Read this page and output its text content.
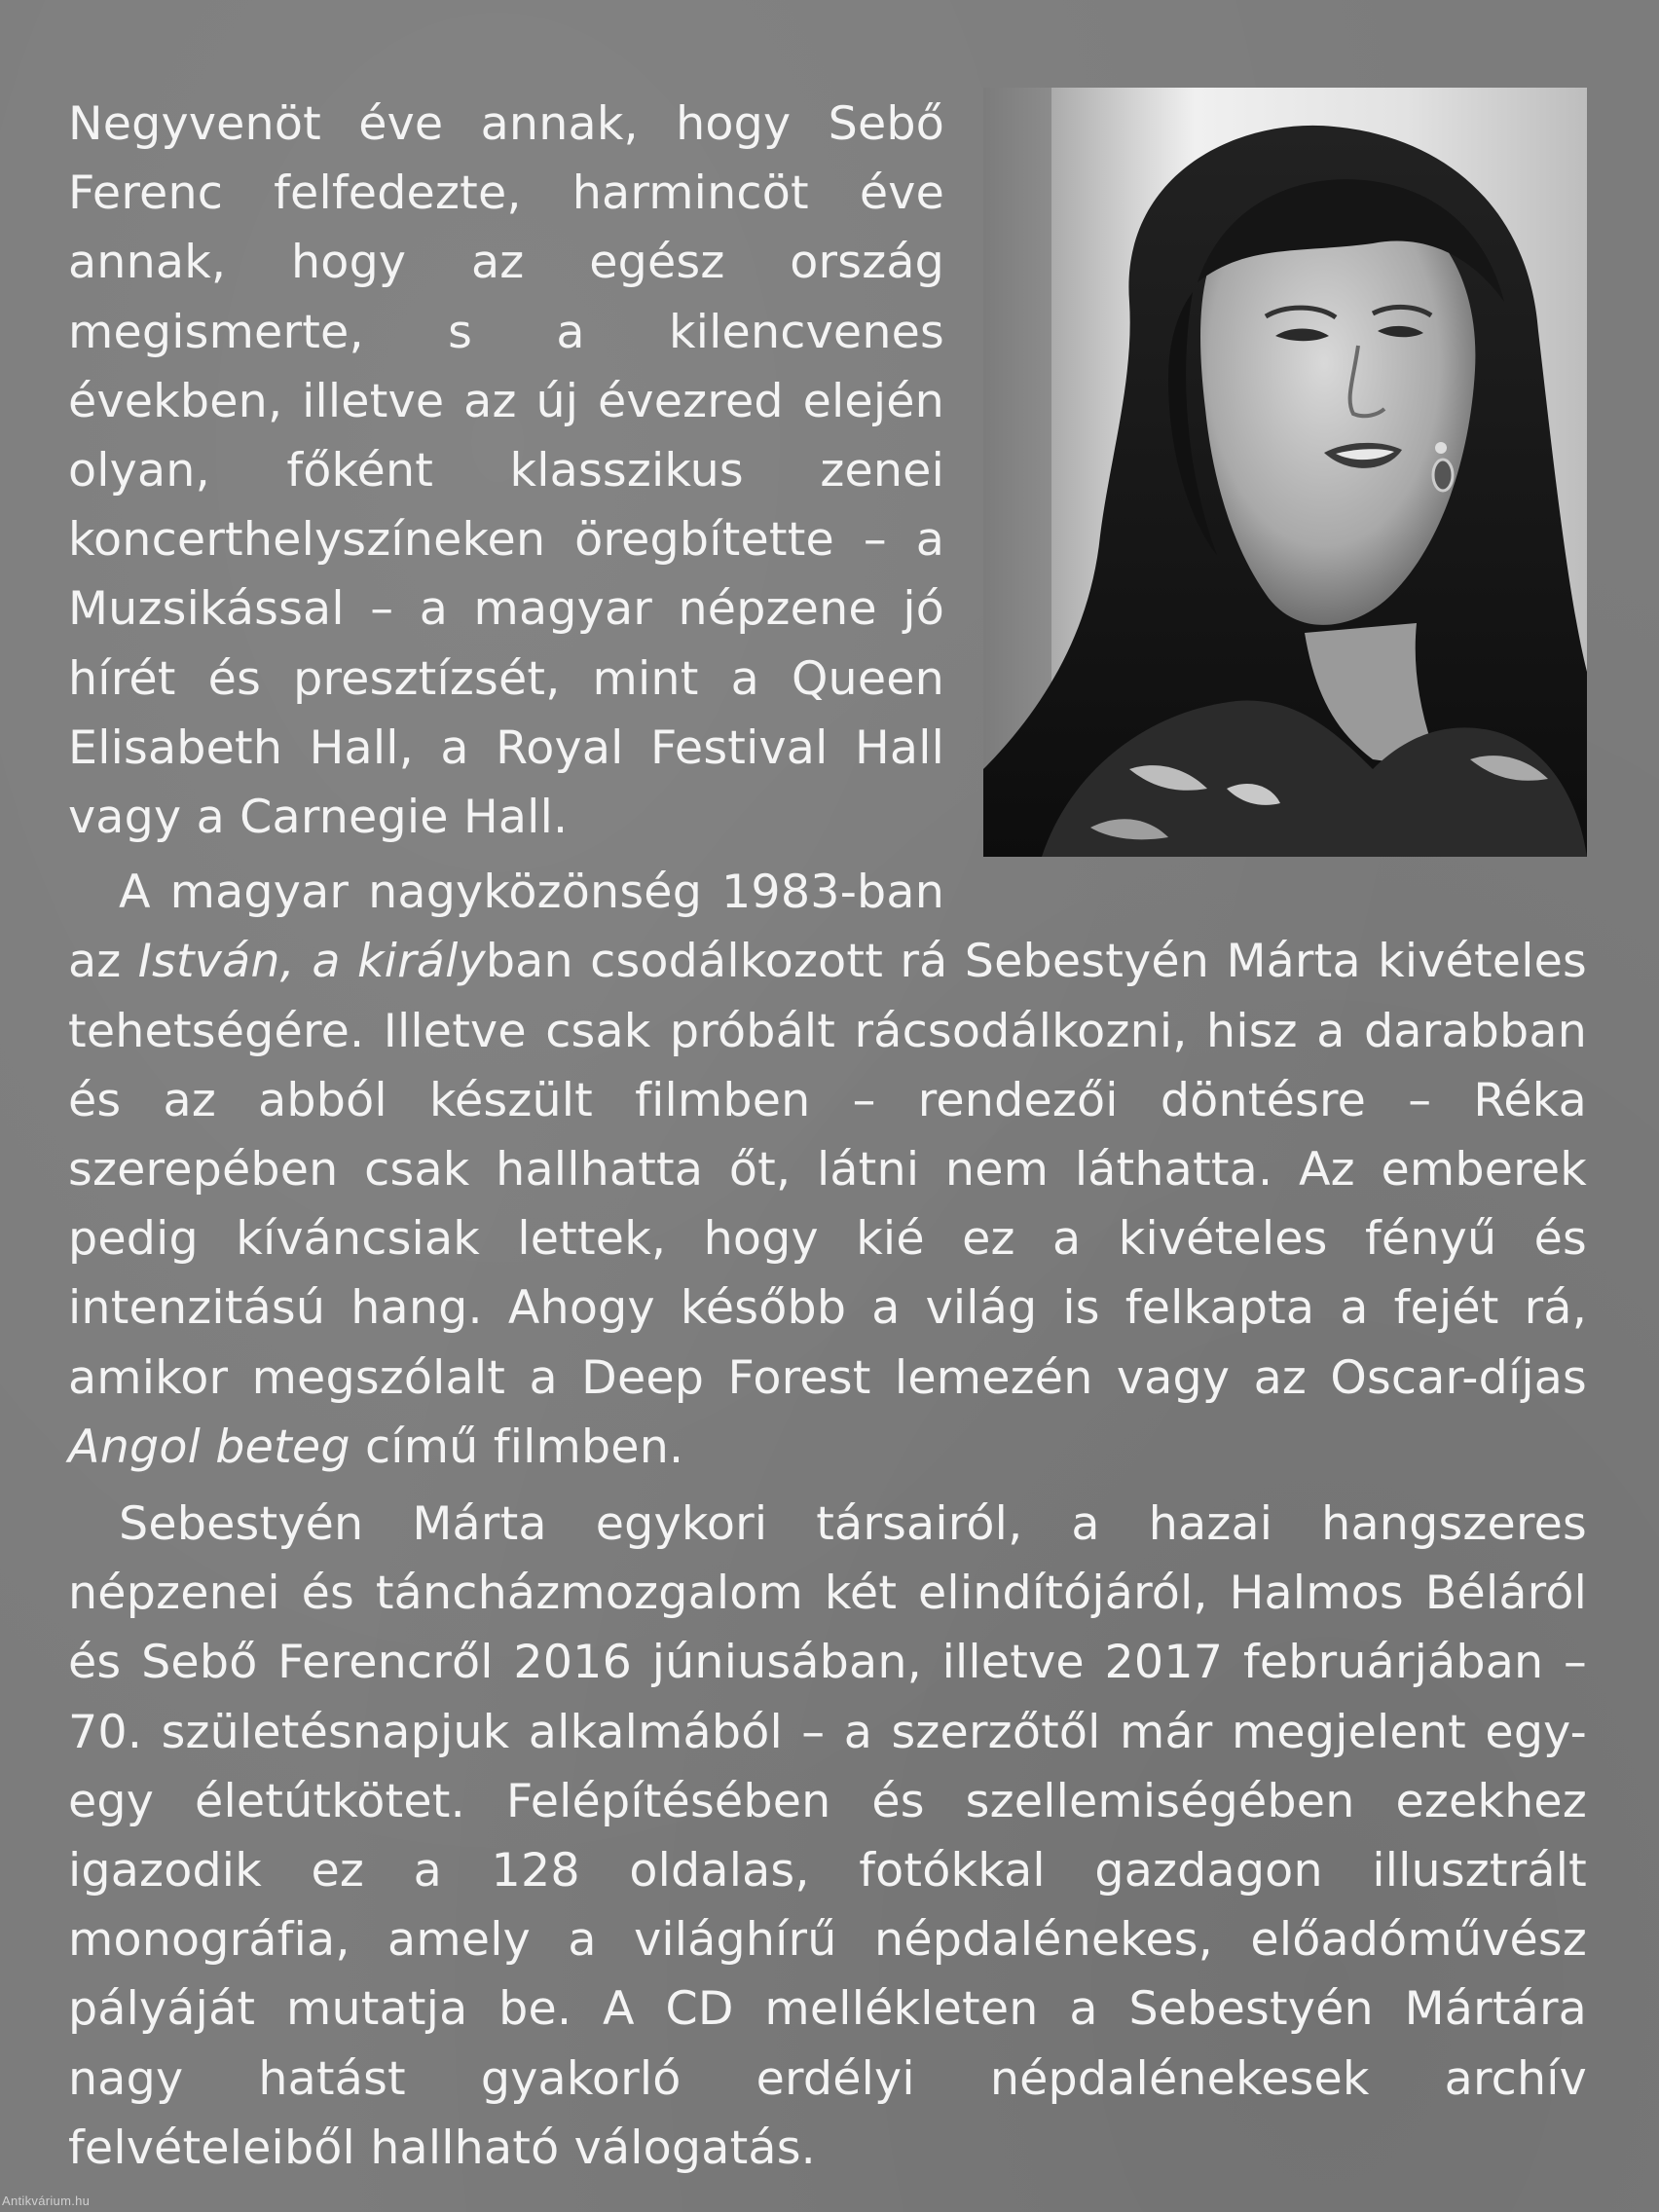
Negyvenöt éve annak, hogy Sebő Ferenc felfedezte, harmincöt éve annak, hogy az egész ország megismerte, s a kilencvenes években, illetve az új évezred elején olyan, főként klasszikus zenei koncerthelyszíneken öregbítette – a Muzsikással – a magyar népzene jó hírét és presztízsét, mint a Queen Elisabeth Hall, a Royal Festival Hall vagy a Carnegie Hall.

A magyar nagyközönség 1983-ban az István, a királyban csodálkozott rá Sebestyén Márta kivételes tehetségére. Illetve csak próbált rácsodálkozni, hisz a darabban és az abból készült filmben – rendezői döntésre – Réka szerepében csak hallhatta őt, látni nem láthatta. Az emberek pedig kíváncsiak lettek, hogy kié ez a kivételes fényű és intenzitású hang. Ahogy később a világ is felkapta a fejét rá, amikor megszólalt a Deep Forest lemezén vagy az Oscar-díjas Angol beteg című filmben.

Sebestyén Márta egykori társairól, a hazai hangszeres népzenei és táncházmozgalom két elindítójáról, Halmos Béláról és Sebő Ferencről 2016 júniusában, illetve 2017 februárjában – 70. születésnapjuk alkalmából – a szerzőtől már megjelent egy-egy életútkötet. Felépítésében és szellemiségében ezekhez igazodik ez a 128 oldalas, fotókkal gazdagon illusztrált monográfia, amely a világhírű népdalénekes, előadóművész pályáját mutatja be. A CD mellékleten a Sebestyén Mártára nagy hatást gyakorló erdélyi népdalénekesek archív felvételeiből hallható válogatás.

Antikvárium.hu
